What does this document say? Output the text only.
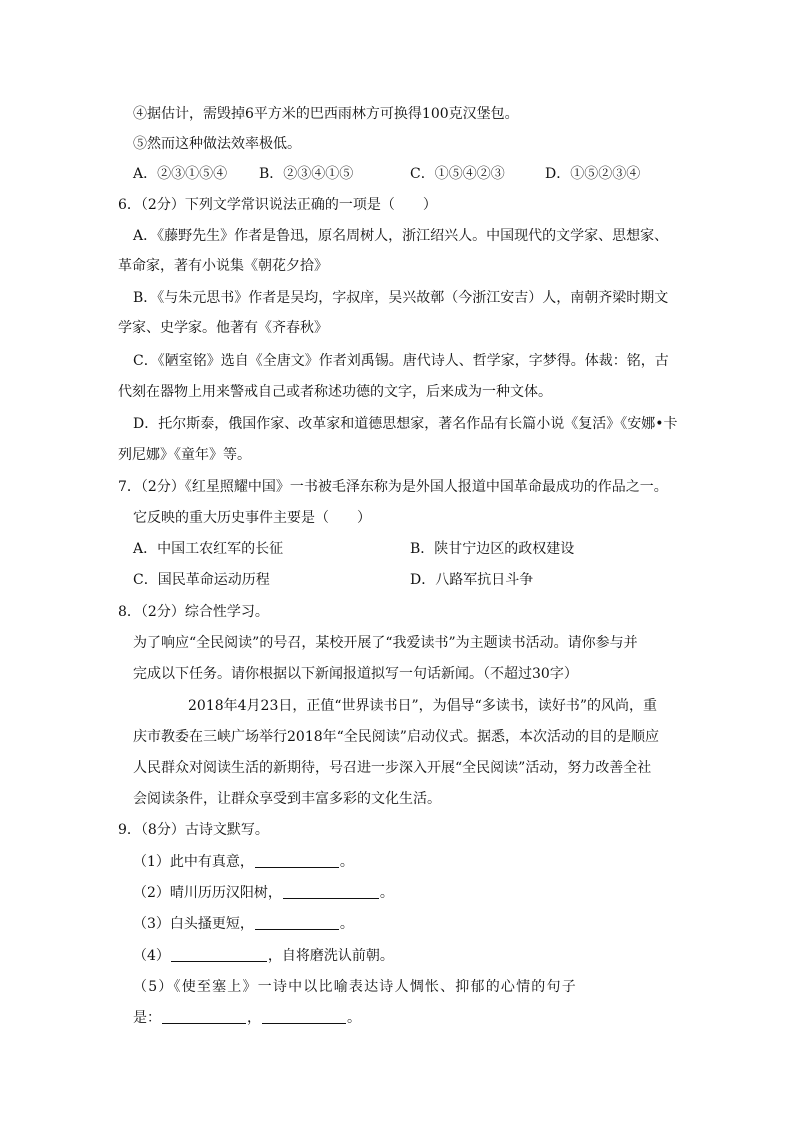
④据估计，需毁掉6平方米的巴西雨林方可换得100克汉堡包。
⑤然而这种做法效率极低。
A．②③①⑤④ B．②③④①⑤	C．①⑤④②③	D．①⑤②③④
6．（2分）下列文学常识说法正确的一项是（　　）
A．《藤野先生》作者是鲁迅，原名周树人，浙江绍兴人。中国现代的文学家、思想家、
革命家，著有小说集《朝花夕拾》
B．《与朱元思书》作者是吴均，字叔庠，吴兴故鄣（今浙江安吉）人，南朝齐梁时期文
学家、史学家。他著有《齐春秋》
C．《陋室铭》选自《全唐文》作者刘禹锡。唐代诗人、哲学家，字梦得。体裁：铭，古
代刻在器物上用来警戒自己或者称述功德的文字，后来成为一种文体。
D．托尔斯泰，俄国作家、改革家和道德思想家，著名作品有长篇小说《复活》《安娜•卡
列尼娜》《童年》等。
7．（2分）《红星照耀中国》一书被毛泽东称为是外国人报道中国革命最成功的作品之一。
它反映的重大历史事件主要是（　　）
A．中国工农红军的长征	B．陕甘宁边区的政权建设
C．国民革命运动历程	D．八路军抗日斗争
8．（2分）综合性学习。
为了响应“全民阅读”的号召，某校开展了“我爱读书”为主题读书活动。请你参与并
完成以下任务。请你根据以下新闻报道拟写一句话新闻。（不超过30字）
2018年4月23日，正值“世界读书日”，为倡导“多读书，读好书”的风尚，重
庆市教委在三峡广场举行2018年“全民阅读”启动仪式。据悉，本次活动的目的是顺应
人民群众对阅读生活的新期待，号召进一步深入开展“全民阅读”活动，努力改善全社
会阅读条件，让群众享受到丰富多彩的文化生活。
9．（8分）古诗文默写。
（1）此中有真意，	。
（2）晴川历历汉阳树，	。
（3）白头搔更短，	。
（4）	，自将磨洗认前朝。
（5）《使至塞上》一诗中以比喻表达诗人惆怅、抑郁的心情的句子
是：	，	。
